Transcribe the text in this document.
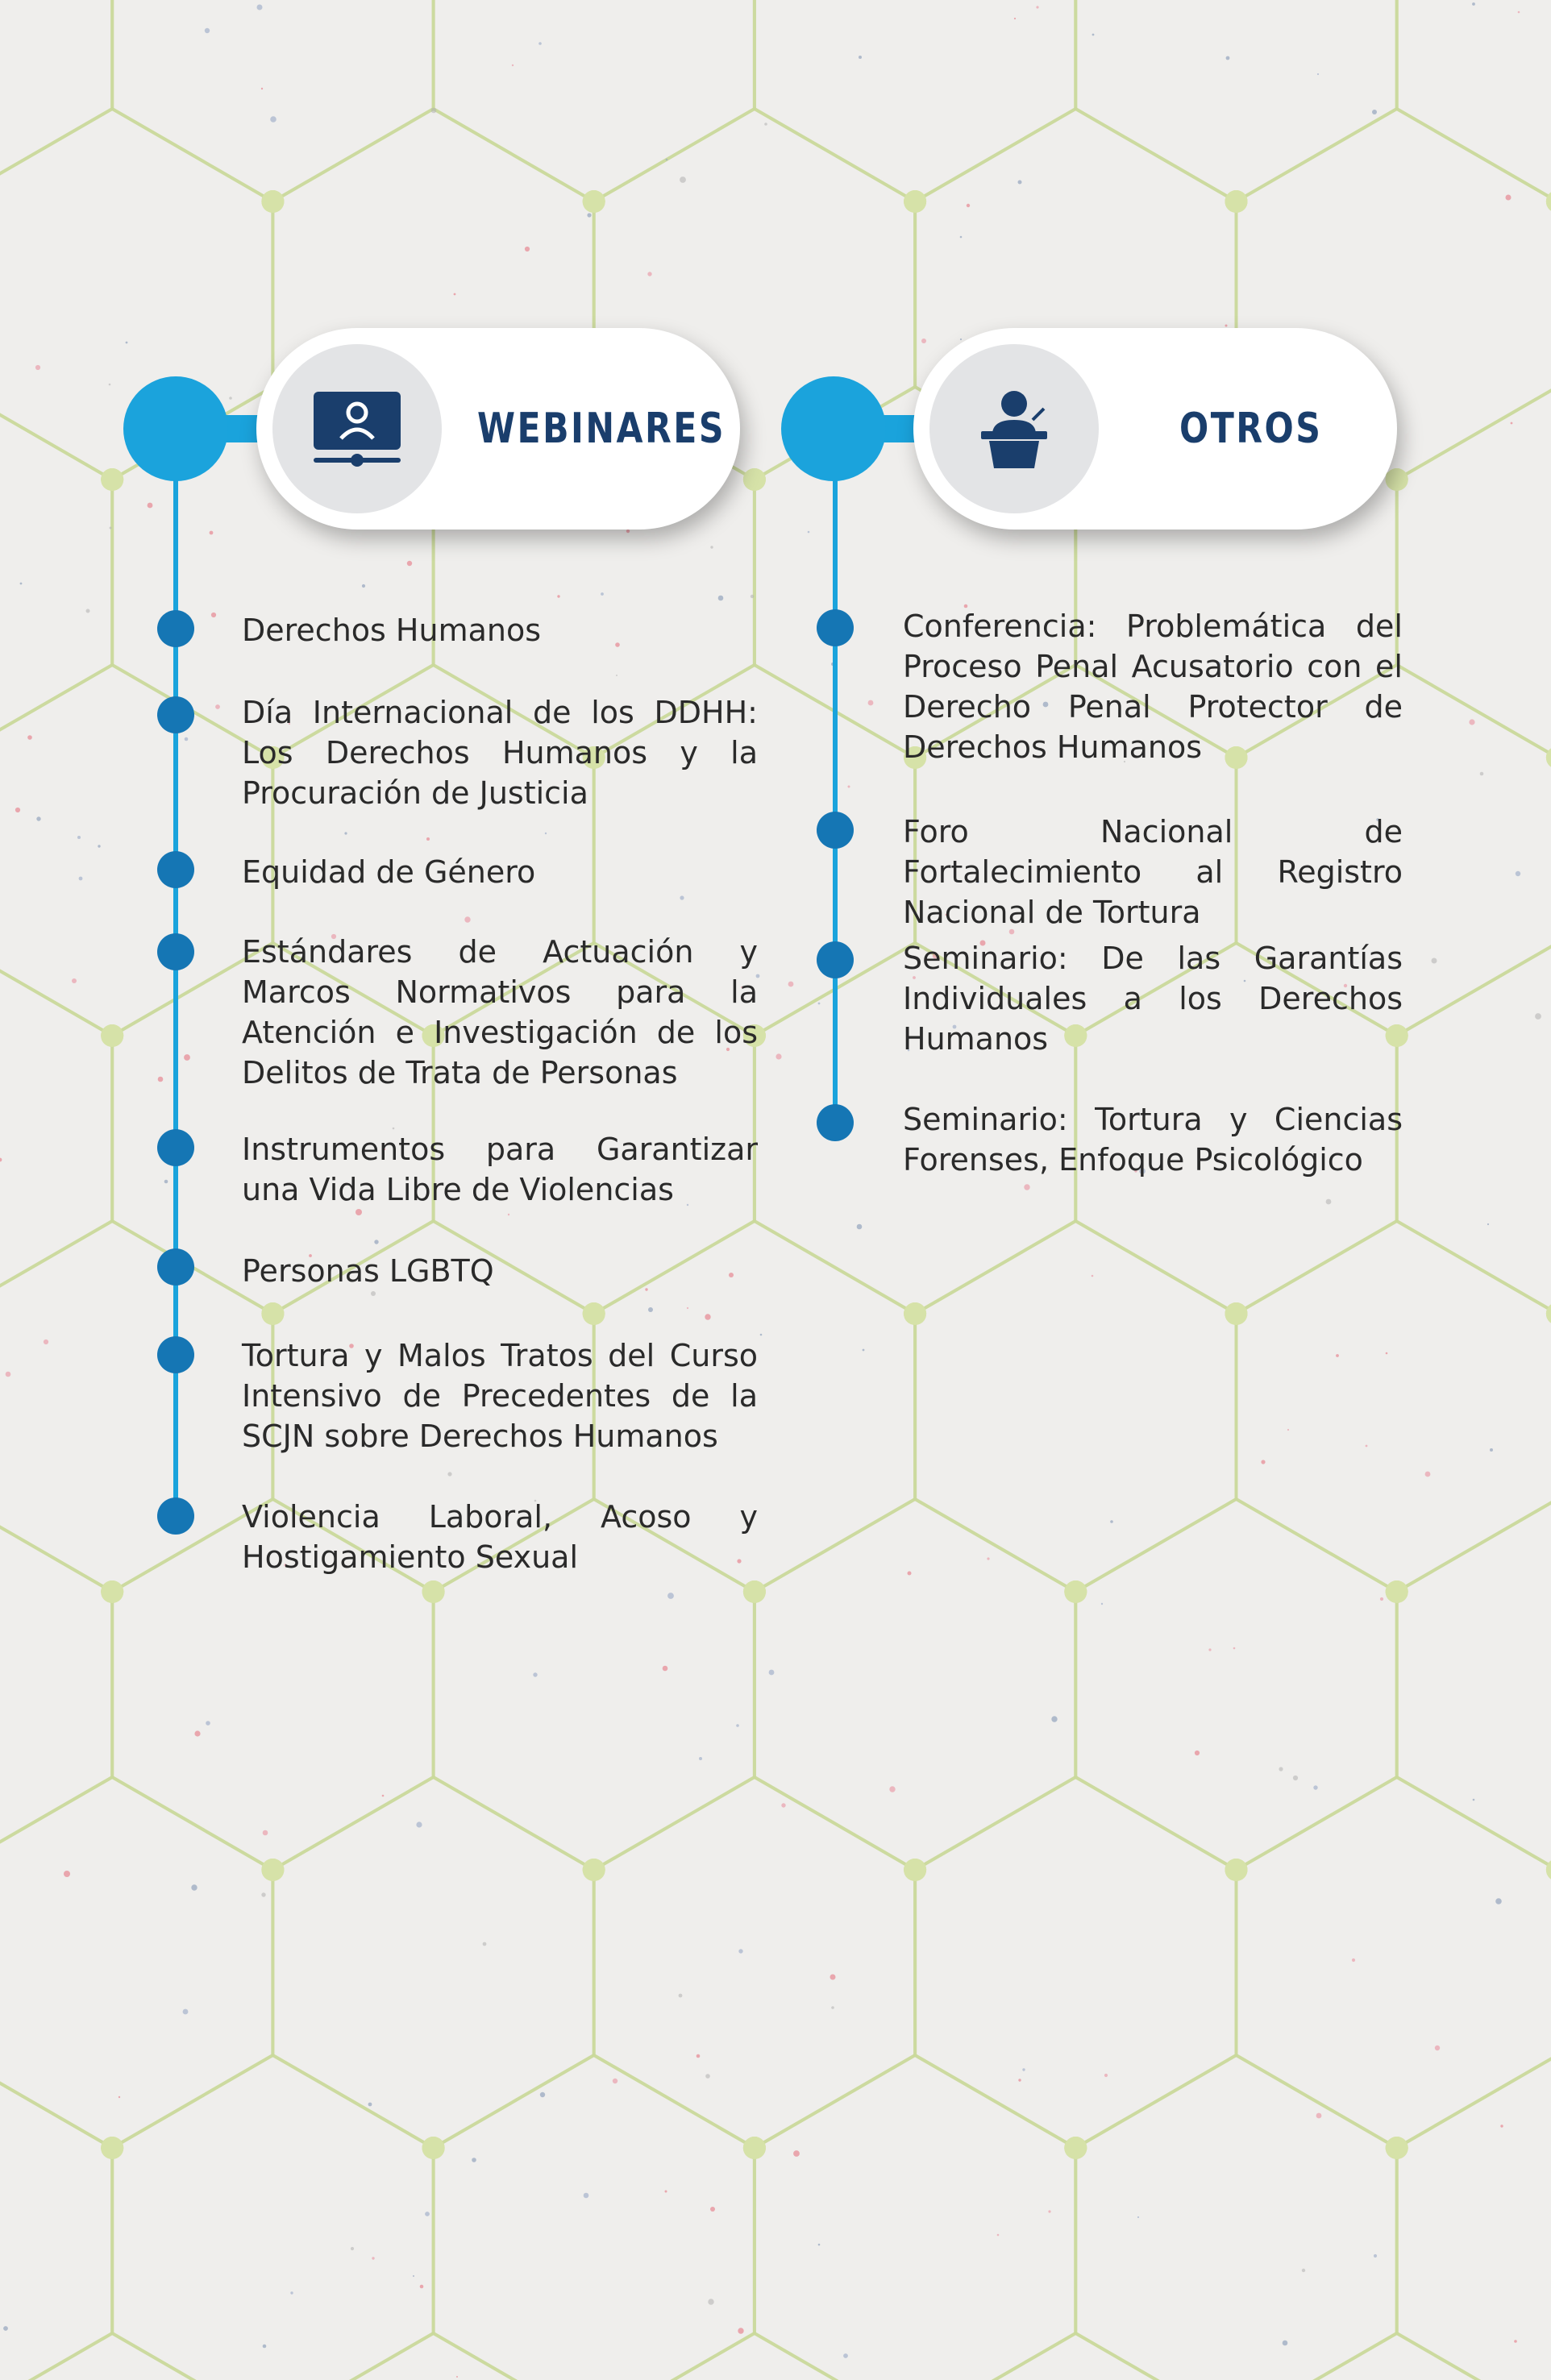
WEBINARES
Derechos Humanos
Día Internacional de los DDHH: Los Derechos Humanos y la Procuración de Justicia
Equidad de Género
Estándares de Actuación y Marcos Normativos para la Atención e Investigación de los Delitos de Trata de Personas
Instrumentos para Garantizar una Vida Libre de Violencias
Personas LGBTQ
Tortura y Malos Tratos del Curso Intensivo de Precedentes de la SCJN sobre Derechos Humanos
Violencia Laboral, Acoso y Hostigamiento Sexual
OTROS
Conferencia: Problemática del Proceso Penal Acusatorio con el Derecho Penal Protector de Derechos Humanos
Foro Nacional de Fortalecimiento al Registro Nacional de Tortura
Seminario: De las Garantías Individuales a los Derechos Humanos
Seminario: Tortura y Ciencias Forenses, Enfoque Psicológico
